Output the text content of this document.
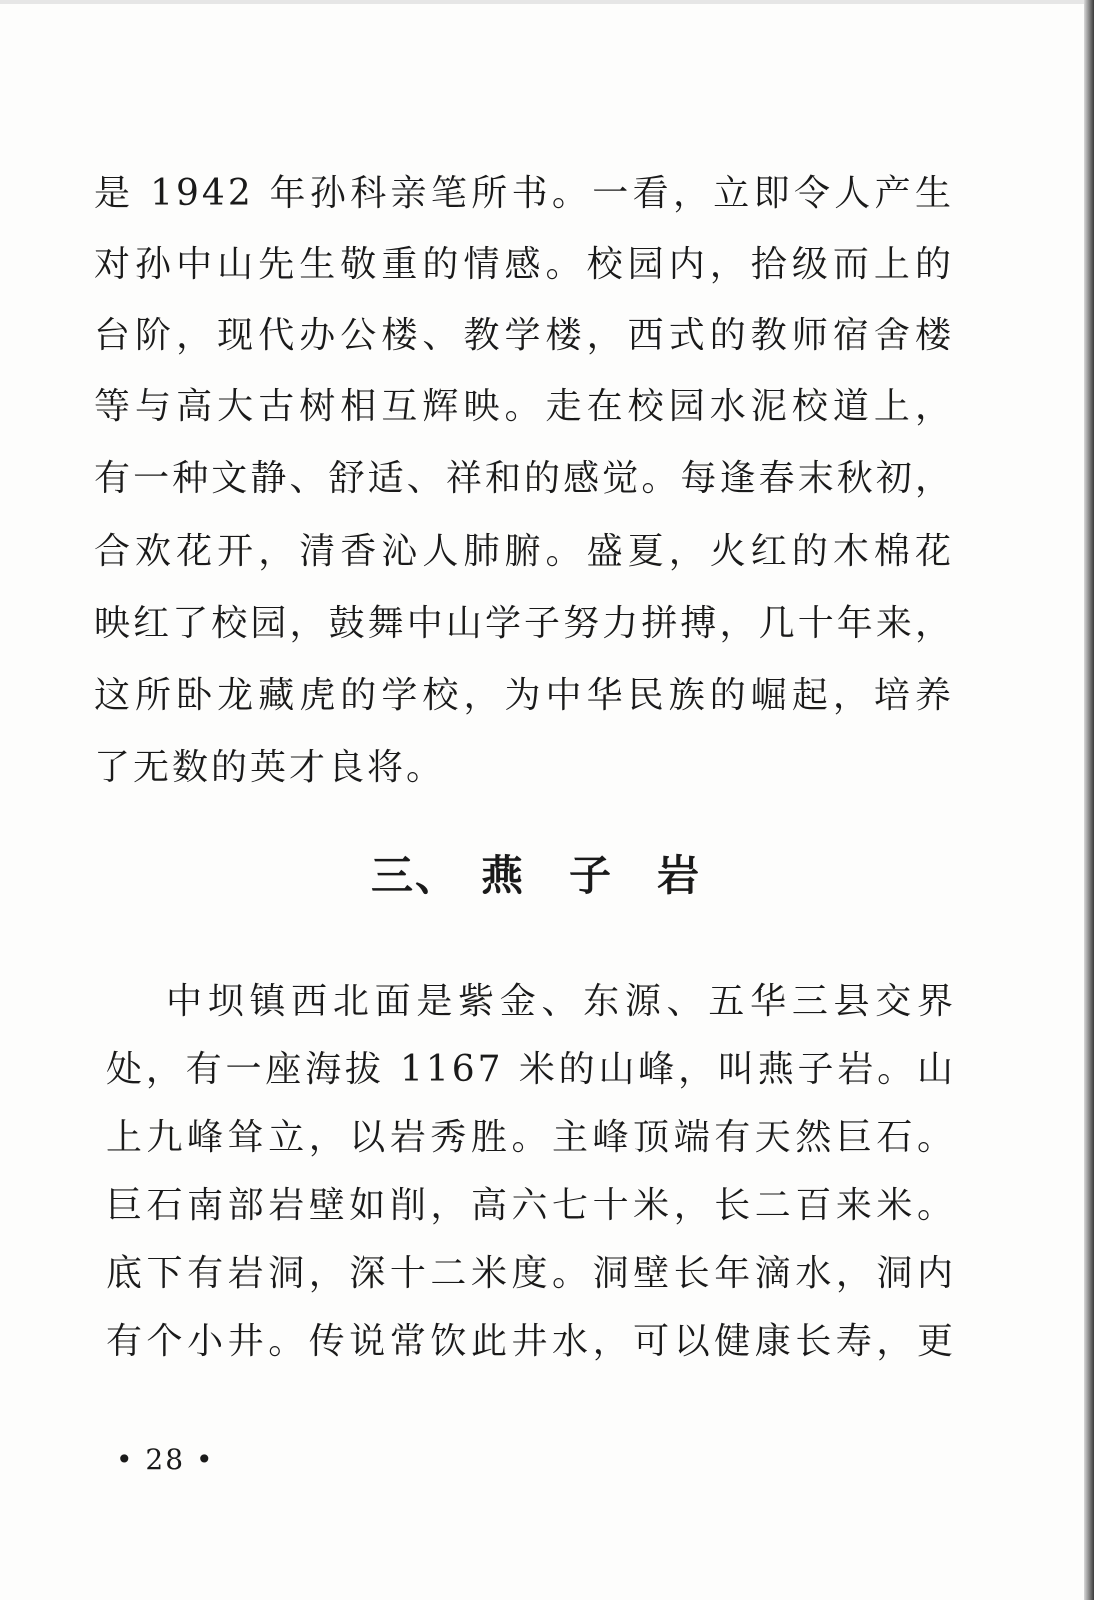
是 1942 年孙科亲笔所书。一看，立即令人产生
对孙中山先生敬重的情感。校园内，拾级而上的
台阶，现代办公楼、教学楼，西式的教师宿舍楼
等与高大古树相互辉映。走在校园水泥校道上，
有一种文静、舒适、祥和的感觉。每逢春末秋初，
合欢花开，清香沁人肺腑。盛夏，火红的木棉花
映红了校园，鼓舞中山学子努力拼搏，几十年来，
这所卧龙藏虎的学校，为中华民族的崛起，培养
了无数的英才良将。
三、 燕 子 岩
中坝镇西北面是紫金、东源、五华三县交界
处，有一座海拔 1167 米的山峰，叫燕子岩。山
上九峰耸立，以岩秀胜。主峰顶端有天然巨石。
巨石南部岩壁如削，高六七十米，长二百来米。
底下有岩洞，深十二米度。洞壁长年滴水，洞内
有个小井。传说常饮此井水，可以健康长寿，更
• 28 •
